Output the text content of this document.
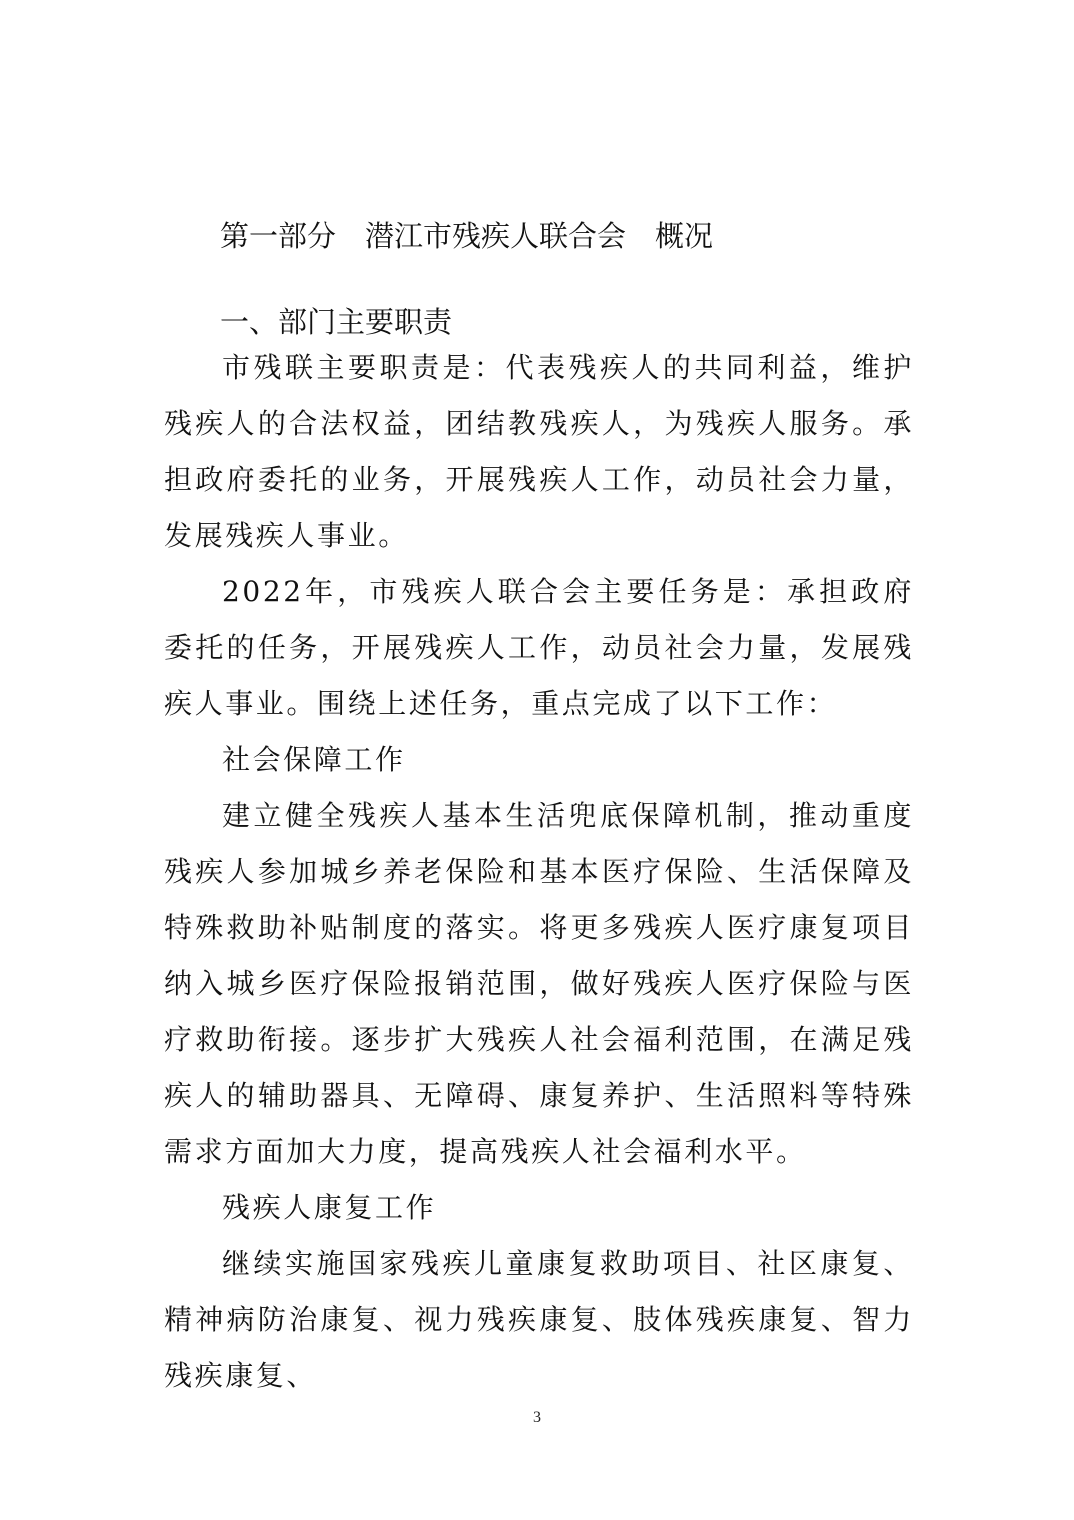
第一部分　潜江市残疾人联合会　概况
一、部门主要职责

市残联主要职责是：代表残疾人的共同利益，维护残疾人的合法权益，团结教残疾人，为残疾人服务。承担政府委托的业务，开展残疾人工作，动员社会力量，发展残疾人事业。

2022年，市残疾人联合会主要任务是：承担政府委托的任务，开展残疾人工作，动员社会力量，发展残疾人事业。围绕上述任务，重点完成了以下工作：

社会保障工作

建立健全残疾人基本生活兜底保障机制，推动重度残疾人参加城乡养老保险和基本医疗保险、生活保障及特殊救助补贴制度的落实。将更多残疾人医疗康复项目纳入城乡医疗保险报销范围，做好残疾人医疗保险与医疗救助衔接。逐步扩大残疾人社会福利范围，在满足残疾人的辅助器具、无障碍、康复养护、生活照料等特殊需求方面加大力度，提高残疾人社会福利水平。

残疾人康复工作

继续实施国家残疾儿童康复救助项目、社区康复、精神病防治康复、视力残疾康复、肢体残疾康复、智力残疾康复、

3
